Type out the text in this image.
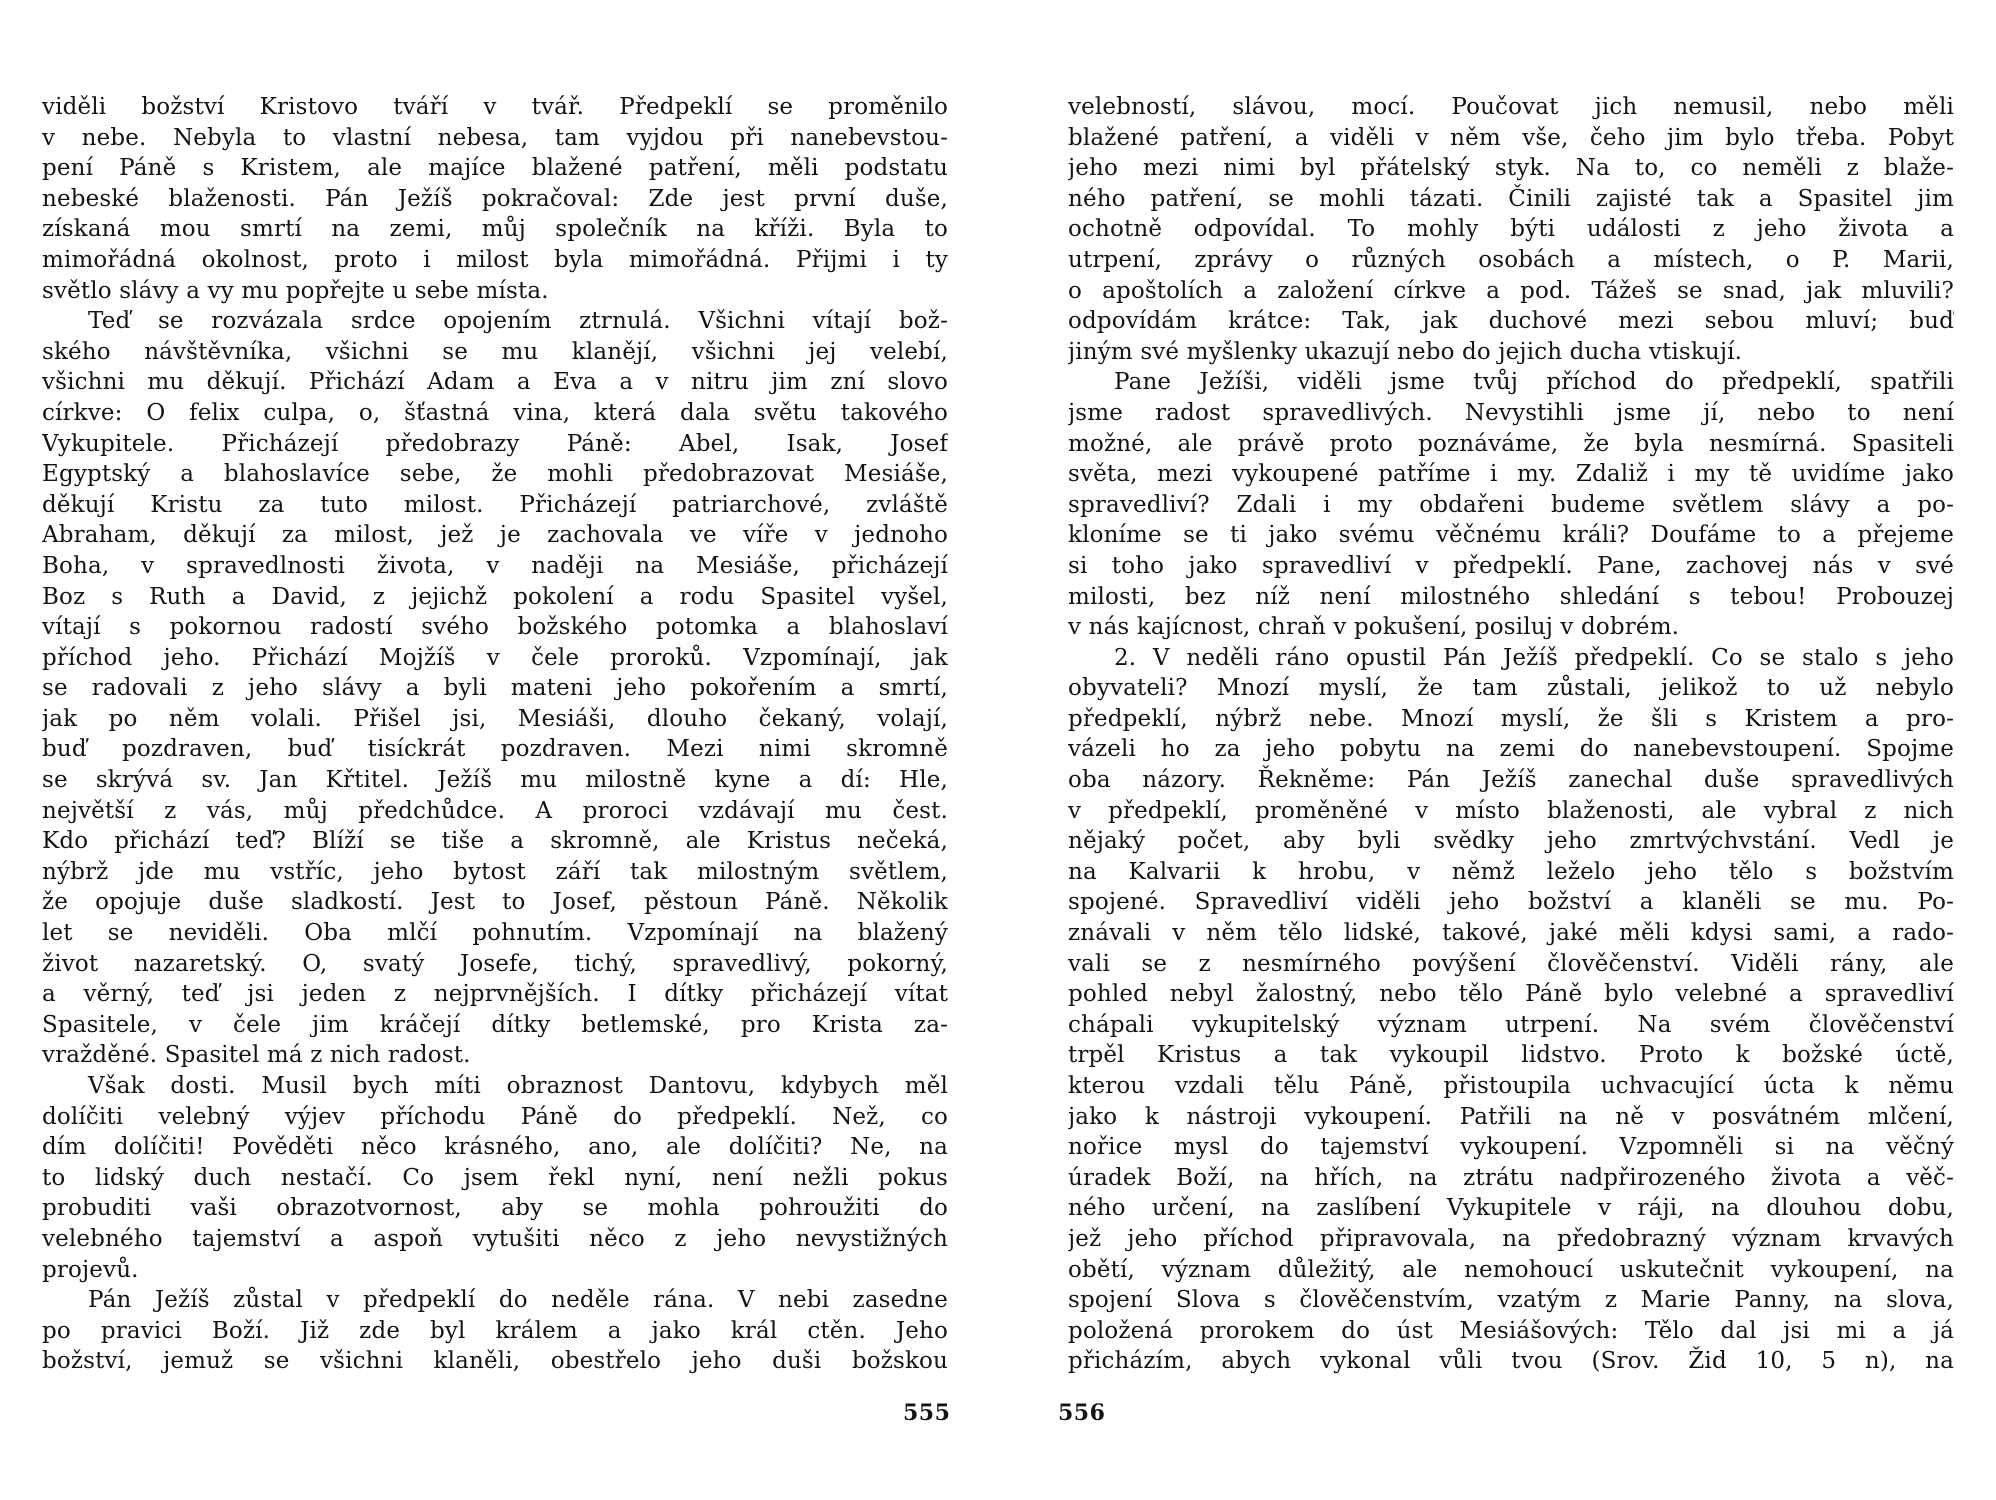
viděli božství Kristovo tváří v tvář. Předpeklí se proměnilo
v nebe. Nebyla to vlastní nebesa, tam vyjdou při nanebevstou-
pení Páně s Kristem, ale majíce blažené patření, měli podstatu
nebeské blaženosti. Pán Ježíš pokračoval: Zde jest první duše,
získaná mou smrtí na zemi, můj společník na kříži. Byla to
mimořádná okolnost, proto i milost byla mimořádná. Přijmi i ty
světlo slávy a vy mu popřejte u sebe místa.
Teď se rozvázala srdce opojením ztrnulá. Všichni vítají bož-
ského návštěvníka, všichni se mu klanějí, všichni jej velebí,
všichni mu děkují. Přichází Adam a Eva a v nitru jim zní slovo
církve: O felix culpa, o, šťastná vina, která dala světu takového
Vykupitele. Přicházejí předobrazy Páně: Abel, Isak, Josef
Egyptský a blahoslavíce sebe, že mohli předobrazovat Mesiáše,
děkují Kristu za tuto milost. Přicházejí patriarchové, zvláště
Abraham, děkují za milost, jež je zachovala ve víře v jednoho
Boha, v spravedlnosti života, v naději na Mesiáše, přicházejí
Boz s Ruth a David, z jejichž pokolení a rodu Spasitel vyšel,
vítají s pokornou radostí svého božského potomka a blahoslaví
příchod jeho. Přichází Mojžíš v čele proroků. Vzpomínají, jak
se radovali z jeho slávy a byli mateni jeho pokořením a smrtí,
jak po něm volali. Přišel jsi, Mesiáši, dlouho čekaný, volají,
buď pozdraven, buď tisíckrát pozdraven. Mezi nimi skromně
se skrývá sv. Jan Křtitel. Ježíš mu milostně kyne a dí: Hle,
největší z vás, můj předchůdce. A proroci vzdávají mu čest.
Kdo přichází teď? Blíží se tiše a skromně, ale Kristus nečeká,
nýbrž jde mu vstříc, jeho bytost září tak milostným světlem,
že opojuje duše sladkostí. Jest to Josef, pěstoun Páně. Několik
let se neviděli. Oba mlčí pohnutím. Vzpomínají na blažený
život nazaretský. O, svatý Josefe, tichý, spravedlivý, pokorný,
a věrný, teď jsi jeden z nejprvnějších. I dítky přicházejí vítat
Spasitele, v čele jim kráčejí dítky betlemské, pro Krista za-
vražděné. Spasitel má z nich radost.
Však dosti. Musil bych míti obraznost Dantovu, kdybych měl
dolíčiti velebný výjev příchodu Páně do předpeklí. Než, co
dím dolíčiti! Pověděti něco krásného, ano, ale dolíčiti? Ne, na
to lidský duch nestačí. Co jsem řekl nyní, není nežli pokus
probuditi vaši obrazotvornost, aby se mohla pohroužiti do
velebného tajemství a aspoň vytušiti něco z jeho nevystižných
projevů.
Pán Ježíš zůstal v předpeklí do neděle rána. V nebi zasedne
po pravici Boží. Již zde byl králem a jako král ctěn. Jeho
božství, jemuž se všichni klaněli, obestřelo jeho duši božskou
555
velebností, slávou, mocí. Poučovat jich nemusil, nebo měli
blažené patření, a viděli v něm vše, čeho jim bylo třeba. Pobyt
jeho mezi nimi byl přátelský styk. Na to, co neměli z blaže-
ného patření, se mohli tázati. Činili zajisté tak a Spasitel jim
ochotně odpovídal. To mohly býti události z jeho života a
utrpení, zprávy o různých osobách a místech, o P. Marii,
o apoštolích a založení církve a pod. Tážeš se snad, jak mluvili?
odpovídám krátce: Tak, jak duchové mezi sebou mluví; buď
jiným své myšlenky ukazují nebo do jejich ducha vtiskují.
Pane Ježíši, viděli jsme tvůj příchod do předpeklí, spatřili
jsme radost spravedlivých. Nevystihli jsme jí, nebo to není
možné, ale právě proto poznáváme, že byla nesmírná. Spasiteli
světa, mezi vykoupené patříme i my. Zdaliž i my tě uvidíme jako
spravedliví? Zdali i my obdařeni budeme světlem slávy a po-
kloníme se ti jako svému věčnému králi? Doufáme to a přejeme
si toho jako spravedliví v předpeklí. Pane, zachovej nás v své
milosti, bez níž není milostného shledání s tebou! Probouzej
v nás kajícnost, chraň v pokušení, posiluj v dobrém.
2. V neděli ráno opustil Pán Ježíš předpeklí. Co se stalo s jeho
obyvateli? Mnozí myslí, že tam zůstali, jelikož to už nebylo
předpeklí, nýbrž nebe. Mnozí myslí, že šli s Kristem a pro-
vázeli ho za jeho pobytu na zemi do nanebevstoupení. Spojme
oba názory. Řekněme: Pán Ježíš zanechal duše spravedlivých
v předpeklí, proměněné v místo blaženosti, ale vybral z nich
nějaký počet, aby byli svědky jeho zmrtvýchvstání. Vedl je
na Kalvarii k hrobu, v němž leželo jeho tělo s božstvím
spojené. Spravedliví viděli jeho božství a klaněli se mu. Po-
znávali v něm tělo lidské, takové, jaké měli kdysi sami, a rado-
vali se z nesmírného povýšení člověčenství. Viděli rány, ale
pohled nebyl žalostný, nebo tělo Páně bylo velebné a spravedliví
chápali vykupitelský význam utrpení. Na svém člověčenství
trpěl Kristus a tak vykoupil lidstvo. Proto k božské úctě,
kterou vzdali tělu Páně, přistoupila uchvacující úcta k němu
jako k nástroji vykoupení. Patřili na ně v posvátném mlčení,
nořice mysl do tajemství vykoupení. Vzpomněli si na věčný
úradek Boží, na hřích, na ztrátu nadpřirozeného života a věč-
ného určení, na zaslíbení Vykupitele v ráji, na dlouhou dobu,
jež jeho příchod připravovala, na předobrazný význam krvavých
obětí, význam důležitý, ale nemohoucí uskutečnit vykoupení, na
spojení Slova s člověčenstvím, vzatým z Marie Panny, na slova,
položená prorokem do úst Mesiášových: Tělo dal jsi mi a já
přicházím, abych vykonal vůli tvou (Srov. Žid 10, 5 n), na
556
